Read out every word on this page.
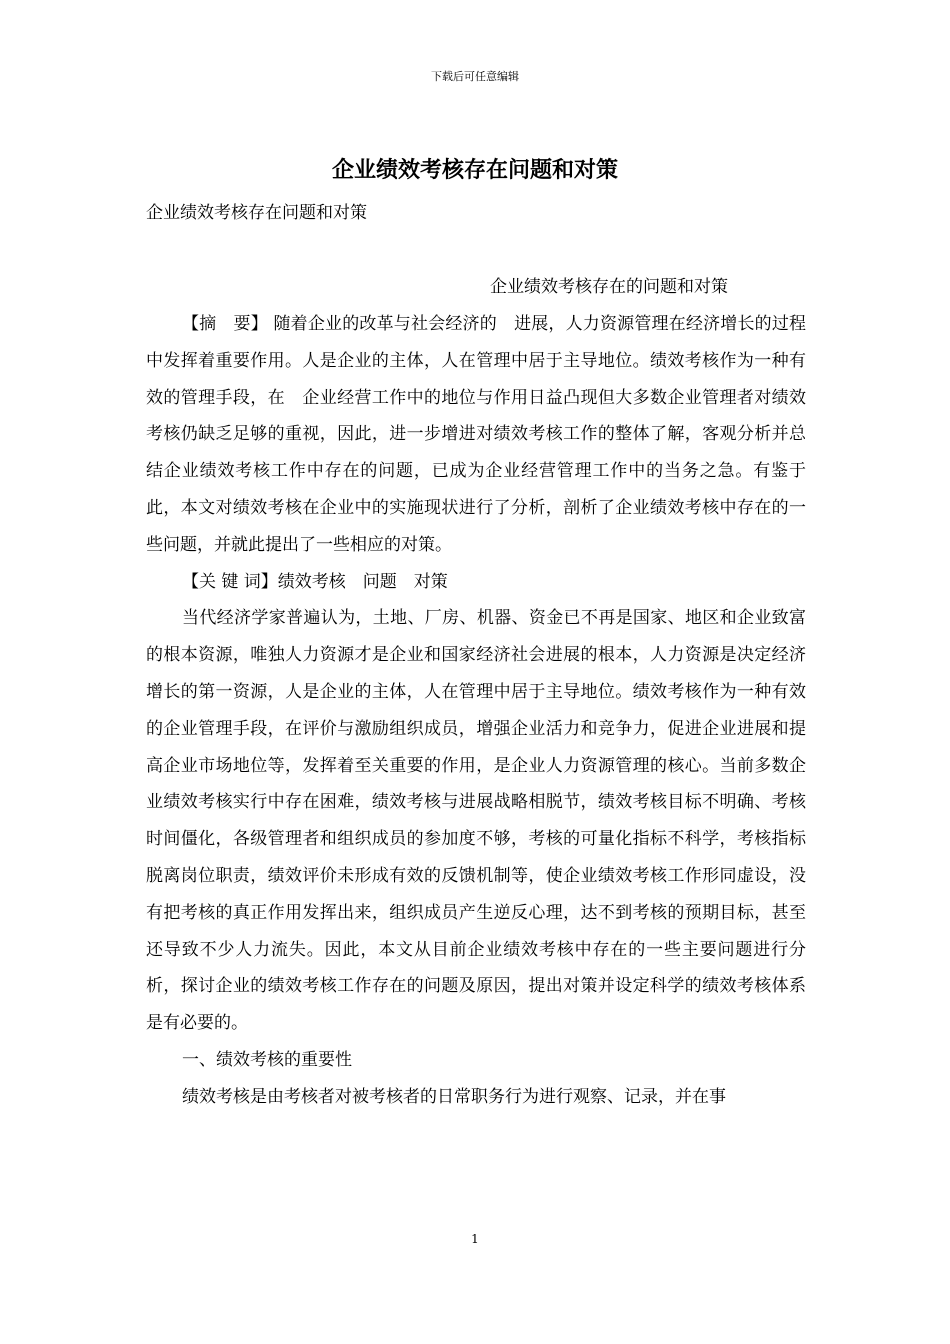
下载后可任意编辑
企业绩效考核存在问题和对策
企业绩效考核存在问题和对策
企业绩效考核存在的问题和对策

【摘　要】 随着企业的改革与社会经济的　进展，人力资源管理在经济增长的过程中发挥着重要作用。人是企业的主体，人在管理中居于主导地位。绩效考核作为一种有效的管理手段，在　企业经营工作中的地位与作用日益凸现但大多数企业管理者对绩效考核仍缺乏足够的重视，因此，进一步增进对绩效考核工作的整体了解，客观分析并总结企业绩效考核工作中存在的问题，已成为企业经营管理工作中的当务之急。有鉴于此，本文对绩效考核在企业中的实施现状进行了分析，剖析了企业绩效考核中存在的一些问题，并就此提出了一些相应的对策。

【关 键 词】绩效考核　问题　对策

当代经济学家普遍认为，土地、厂房、机器、资金已不再是国家、地区和企业致富的根本资源，唯独人力资源才是企业和国家经济社会进展的根本，人力资源是决定经济增长的第一资源，人是企业的主体，人在管理中居于主导地位。绩效考核作为一种有效的企业管理手段，在评价与激励组织成员，增强企业活力和竞争力，促进企业进展和提高企业市场地位等，发挥着至关重要的作用，是企业人力资源管理的核心。当前多数企业绩效考核实行中存在困难，绩效考核与进展战略相脱节，绩效考核目标不明确、考核时间僵化，各级管理者和组织成员的参加度不够，考核的可量化指标不科学，考核指标脱离岗位职责，绩效评价未形成有效的反馈机制等，使企业绩效考核工作形同虚设，没有把考核的真正作用发挥出来，组织成员产生逆反心理，达不到考核的预期目标，甚至还导致不少人力流失。因此，本文从目前企业绩效考核中存在的一些主要问题进行分析，探讨企业的绩效考核工作存在的问题及原因，提出对策并设定科学的绩效考核体系是有必要的。

一、绩效考核的重要性

绩效考核是由考核者对被考核者的日常职务行为进行观察、记录，并在事

1
